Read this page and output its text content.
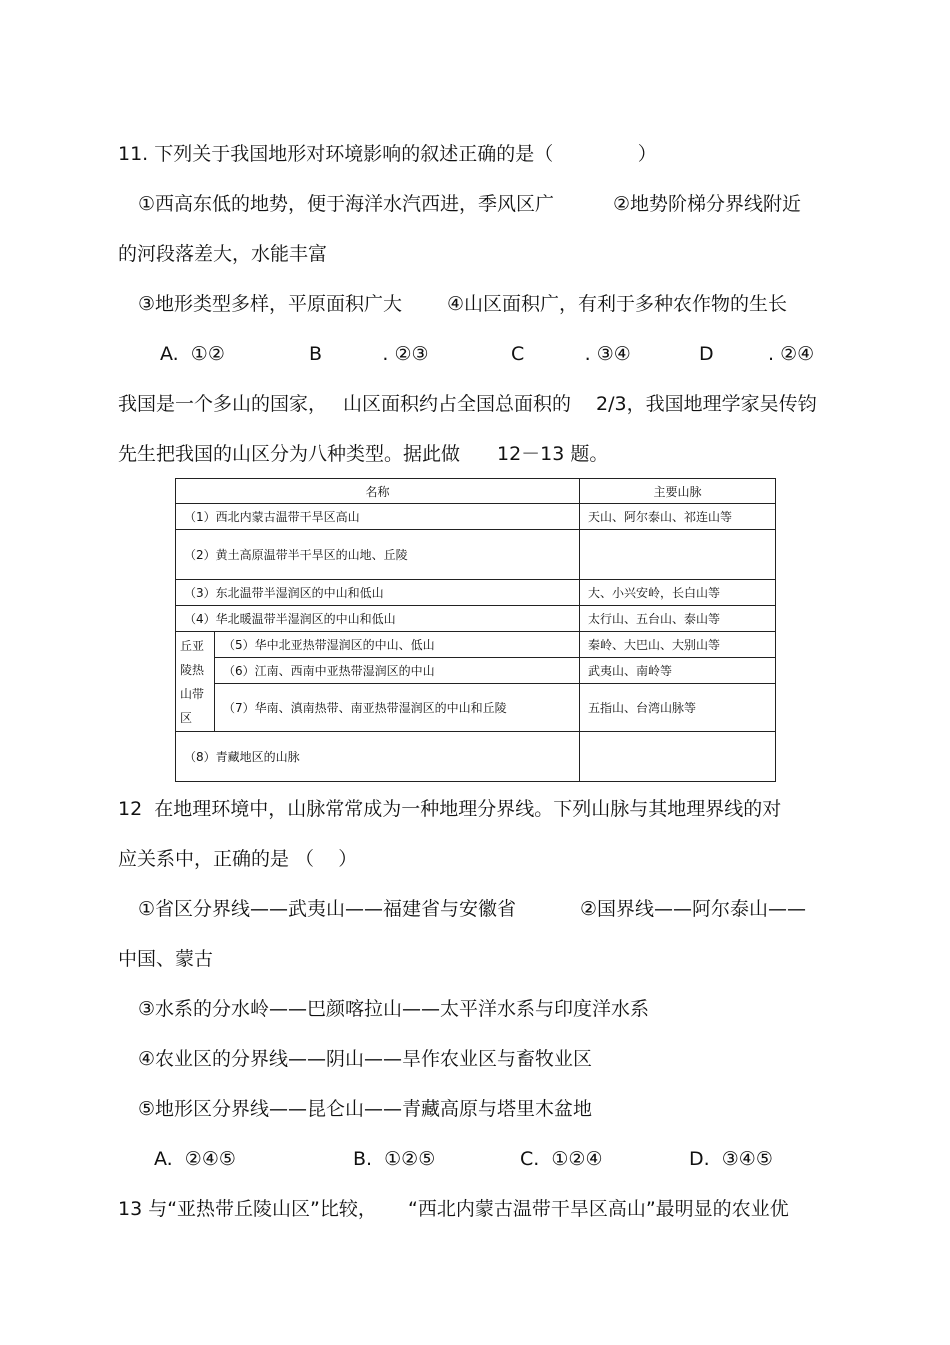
11. 下列关于我国地形对环境影响的叙述正确的是（              ）
①西高东低的地势，便于海洋水汽西进，季风区广	②地势阶梯分界线附近
的河段落差大，水能丰富
③地形类型多样，平原面积广大 ④山区面积广，有利于多种农作物的生长
A.  ①②	B          . ②③	C          . ③④	D         . ②④
我国是一个多山的国家， 山区面积约占全国总面积的 2/3，我国地理学家吴传钧
先生把我国的山区分为八种类型。据此做 12－13 题。
名称		主要山脉
（1）西北内蒙古温带干旱区高山		天山、阿尔泰山、祁连山等
（2）黄土高原温带半干旱区的山地、丘陵		
（3）东北温带半湿润区的中山和低山		大、小兴安岭，长白山等
（4）华北暖温带半湿润区的中山和低山		太行山、五台山、泰山等

丘亚陵热山带区	（5）华中北亚热带湿润区的中山、低山	秦岭、大巴山、大别山等
	（6）江南、西南中亚热带湿润区的中山	武夷山、南岭等
	（7）华南、滇南热带、南亚热带湿润区的中山和丘陵	五指山、台湾山脉等
（8）青藏地区的山脉		
12  在地理环境中，山脉常常成为一种地理分界线。下列山脉与其地理界线的对
应关系中，正确的是 （    ）
①省区分界线——武夷山——福建省与安徽省	②国界线——阿尔泰山——
中国、蒙古
③水系的分水岭——巴颜喀拉山——太平洋水系与印度洋水系
④农业区的分界线——阴山——旱作农业区与畜牧业区
⑤地形区分界线——昆仑山——青藏高原与塔里木盆地
A.  ②④⑤	B.  ①②⑤	C.  ①②④	D.  ③④⑤
13 与“亚热带丘陵山区”比较， “西北内蒙古温带干旱区高山”最明显的农业优
